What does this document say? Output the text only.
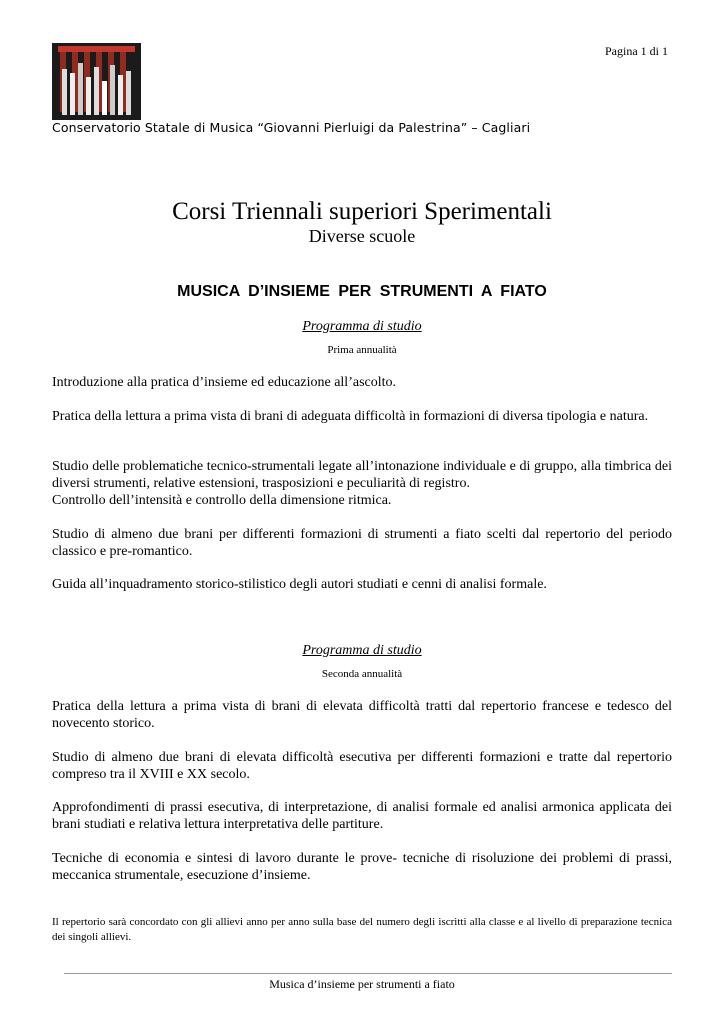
Pagina 1 di 1
Conservatorio Statale di Musica “Giovanni Pierluigi da Palestrina” – Cagliari
Corsi Triennali superiori Sperimentali
Diverse scuole
MUSICA D’INSIEME PER STRUMENTI A FIATO
Programma di studio
Prima annualità

Introduzione alla pratica d’insieme ed educazione all’ascolto.

Pratica della lettura a prima vista di brani di adeguata difficoltà in formazioni di diversa tipologia e natura.

Studio delle problematiche tecnico-strumentali legate all’intonazione individuale e di gruppo, alla timbrica dei diversi strumenti, relative estensioni, trasposizioni e peculiarità di registro.

Controllo dell’intensità e controllo della dimensione ritmica.

Studio di almeno due brani per differenti formazioni di strumenti a fiato scelti dal repertorio del periodo classico e pre-romantico.

Guida all’inquadramento storico-stilistico degli autori studiati e cenni di analisi formale.

Programma di studio
Seconda annualità

Pratica della lettura a prima vista di brani di elevata difficoltà tratti dal repertorio francese e tedesco del novecento storico.

Studio di almeno due brani di elevata difficoltà esecutiva per differenti formazioni e tratte dal repertorio compreso tra il XVIII e XX secolo.

Approfondimenti di prassi esecutiva, di interpretazione, di analisi formale ed analisi armonica applicata dei brani studiati e relativa lettura interpretativa delle partiture.

Tecniche di economia e sintesi di lavoro durante le prove- tecniche di risoluzione dei problemi di prassi, meccanica strumentale, esecuzione d’insieme.

Il repertorio sarà concordato con gli allievi anno per anno sulla base del numero degli iscritti alla classe e al livello di preparazione tecnica dei singoli allievi.

Musica d’insieme per strumenti a fiato
